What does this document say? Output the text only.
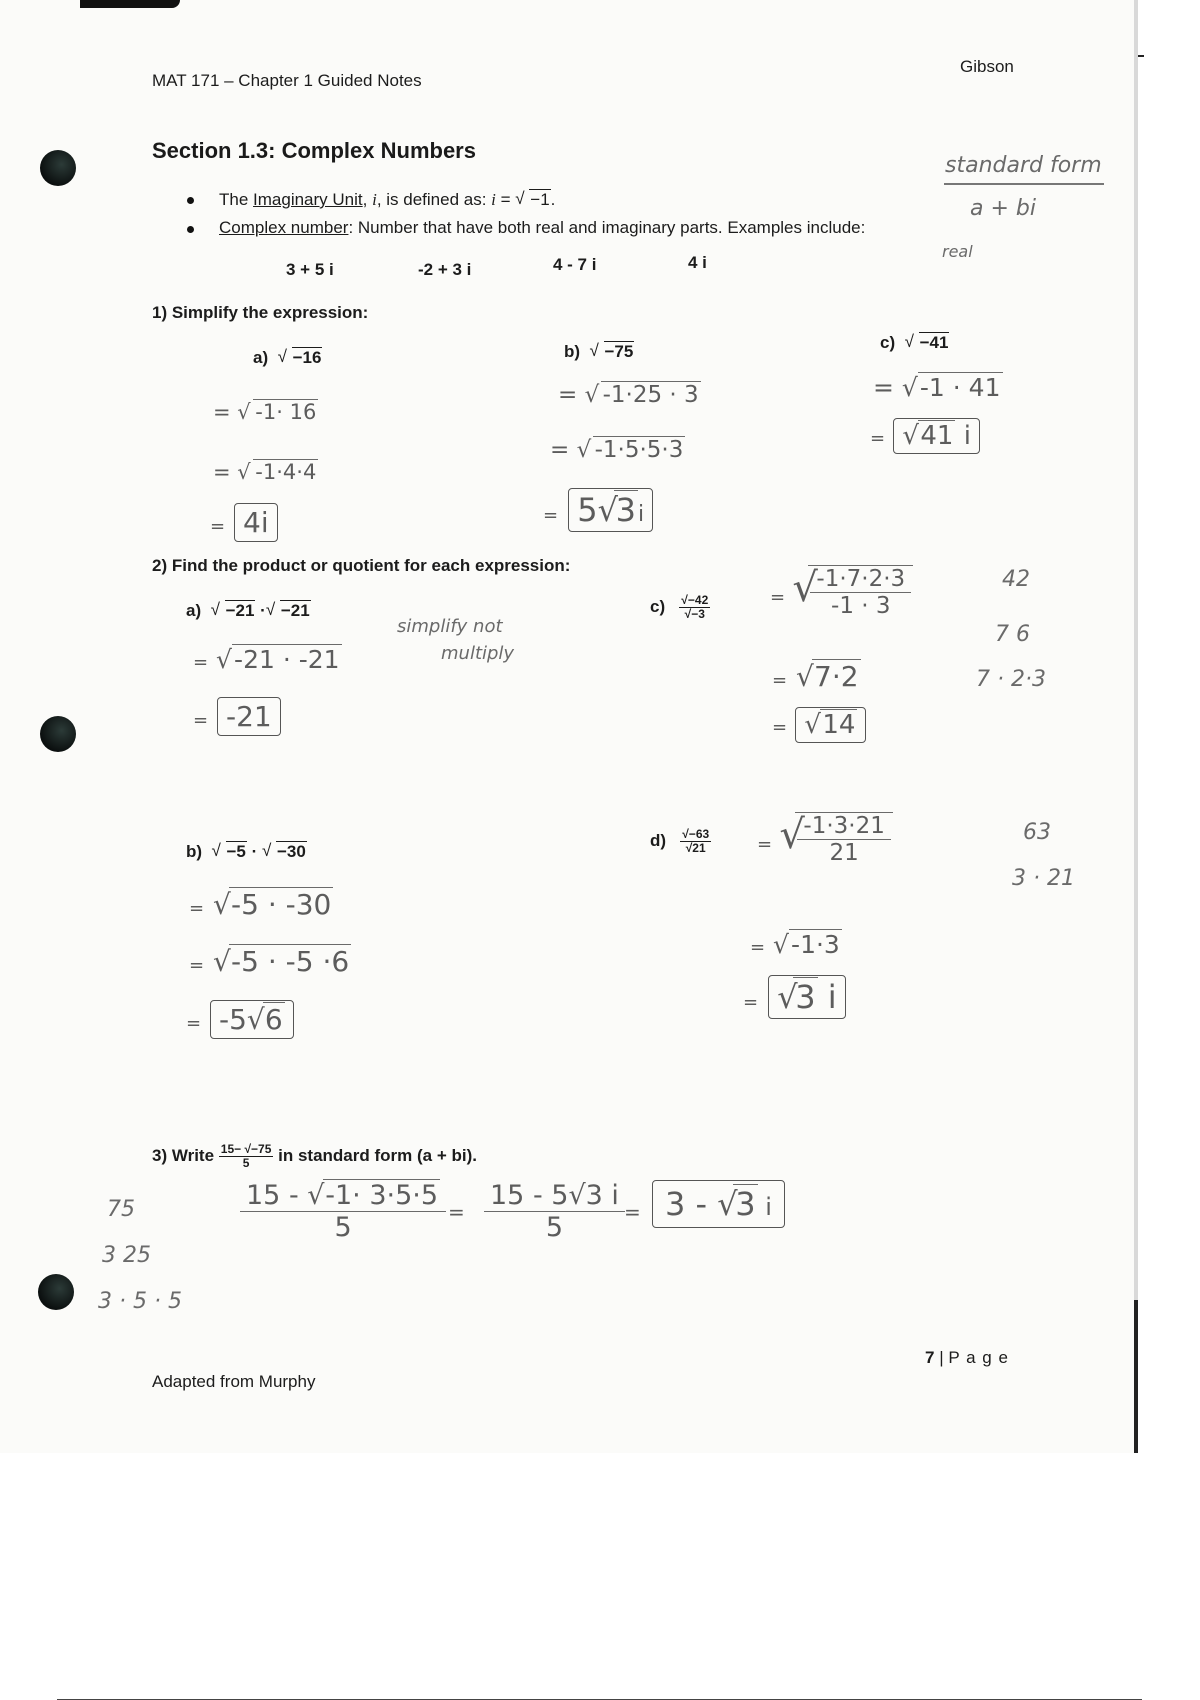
MAT 171 – Chapter 1 Guided Notes
Gibson
Section 1.3: Complex Numbers
The Imaginary Unit, i, is defined as: i = √ −1.
Complex number: Number that have both real and imaginary parts. Examples include:
3 + 5 i	-2 + 3 i	4 - 7 i	4 i
standard form
a + bi
real
1) Simplify the expression:
a) √ −16
= √ -1· 16
= √ -1·4·4
= 4i
b) √ −75
= √ -1·25 · 3
= √ -1·5·5·3
= 5 √ 3i
c) √ −41
= √ -1 · 41
= √ 41 i
2) Find the product or quotient for each expression:
a) √ −21 · √ −21
= √ -21 · -21
= -21
simplify not
multiply
b) √ −5 · √ −30
= √ -5 · -30
= √ -5 · -5 ·6
= -5 √ 6
$c) \frac{√-42}{√-3}$	= √ $\frac{-1\cdot 7\cdot 2\cdot 3}{-1 \cdot 3}$
= √ 7·2
= √ 14
42
7 6
7 · 2·3
$d) \frac{√-63}{√21}$	= √ $\frac{-1\cdot 3\cdot 21}{21}$
= √ -1·3
= √ 3 i
63
3 · 21
3) Write $\frac{15- √-75}{5}$ in standard form (a + bi).
$\frac{15 - √ -1\cdot 3\cdot 5\cdot 5}{5} = \frac{15 - 5√3 i}{5} = 3$ - √ 3 i
75
3 25
3 · 5 · 5
Adapted from Murphy
7 | P a g e
